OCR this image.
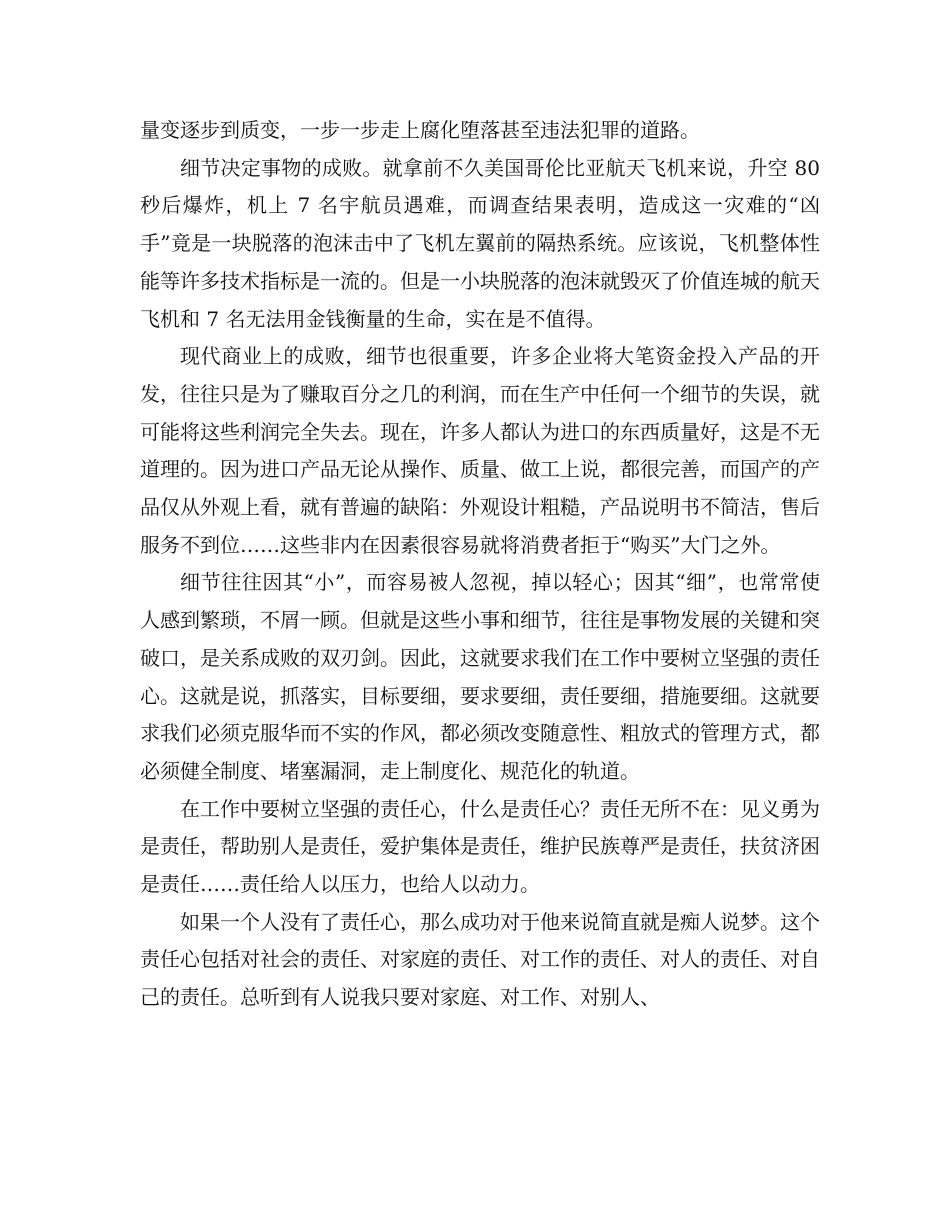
量变逐步到质变，一步一步走上腐化堕落甚至违法犯罪的道路。

细节决定事物的成败。就拿前不久美国哥伦比亚航天飞机来说，升空 80 秒后爆炸，机上 7 名宇航员遇难，而调查结果表明，造成这一灾难的“凶手”竟是一块脱落的泡沫击中了飞机左翼前的隔热系统。应该说，飞机整体性能等许多技术指标是一流的。但是一小块脱落的泡沫就毁灭了价值连城的航天飞机和 7 名无法用金钱衡量的生命，实在是不值得。

现代商业上的成败，细节也很重要，许多企业将大笔资金投入产品的开发，往往只是为了赚取百分之几的利润，而在生产中任何一个细节的失误，就可能将这些利润完全失去。现在，许多人都认为进口的东西质量好，这是不无道理的。因为进口产品无论从操作、质量、做工上说，都很完善，而国产的产品仅从外观上看，就有普遍的缺陷：外观设计粗糙，产品说明书不简洁，售后服务不到位……这些非内在因素很容易就将消费者拒于“购买”大门之外。

细节往往因其“小”，而容易被人忽视，掉以轻心；因其“细”，也常常使人感到繁琐，不屑一顾。但就是这些小事和细节，往往是事物发展的关键和突破口，是关系成败的双刃剑。因此，这就要求我们在工作中要树立坚强的责任心。这就是说，抓落实，目标要细，要求要细，责任要细，措施要细。这就要求我们必须克服华而不实的作风，都必须改变随意性、粗放式的管理方式，都必须健全制度、堵塞漏洞，走上制度化、规范化的轨道。

在工作中要树立坚强的责任心，什么是责任心？责任无所不在：见义勇为是责任，帮助别人是责任，爱护集体是责任，维护民族尊严是责任，扶贫济困是责任……责任给人以压力，也给人以动力。

如果一个人没有了责任心，那么成功对于他来说简直就是痴人说梦。这个责任心包括对社会的责任、对家庭的责任、对工作的责任、对人的责任、对自己的责任。总听到有人说我只要对家庭、对工作、对别人、
